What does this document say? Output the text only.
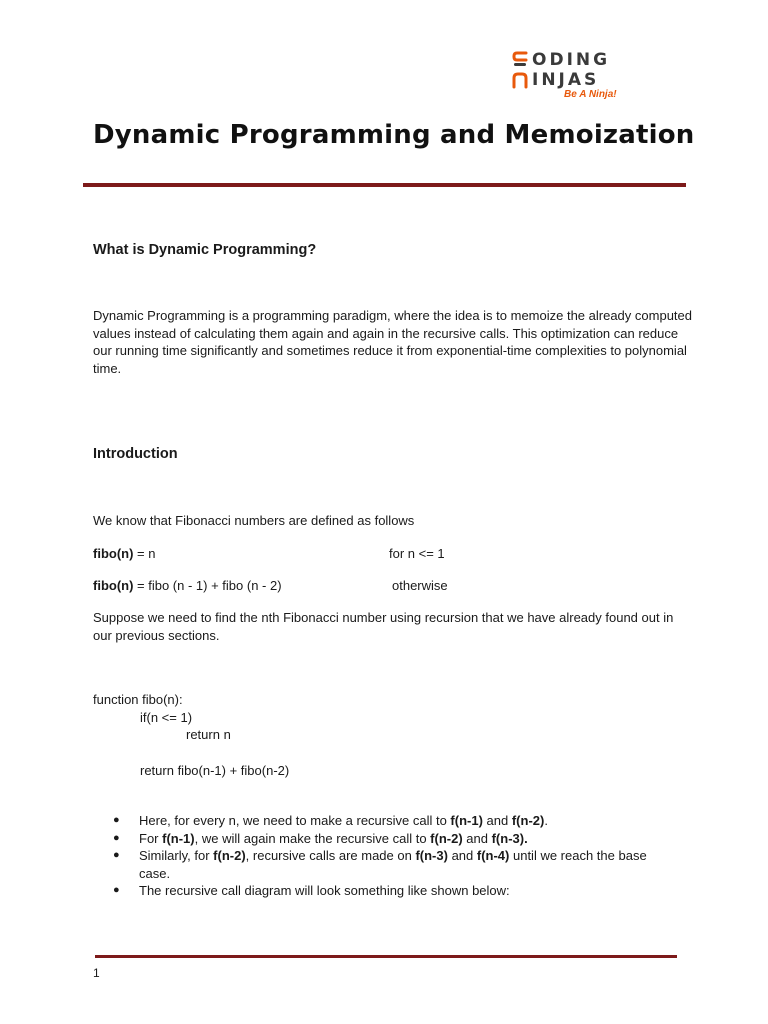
ODING
INJAS
Be A Ninja!
Dynamic Programming and Memoization
What is Dynamic Programming?

Dynamic Programming is a programming paradigm, where the idea is to memoize the already computed values instead of calculating them again and again in the recursive calls. This optimization can reduce our running time significantly and sometimes reduce it from exponential-time complexities to polynomial time.

Introduction

We know that Fibonacci numbers are defined as follows

fibo(n) = n	for n <= 1
fibo(n) = fibo (n - 1) + fibo (n - 2)	otherwise

Suppose we need to find the nth Fibonacci number using recursion that we have already found out in our previous sections.

function fibo(n):
if(n <= 1)
return n
return fibo(n-1) + fibo(n-2)
● Here, for every n, we need to make a recursive call to f(n-1) and f(n-2).
● For f(n-1), we will again make the recursive call to f(n-2) and f(n-3).
● Similarly, for f(n-2), recursive calls are made on f(n-3) and f(n-4) until we reach the base case.
● The recursive call diagram will look something like shown below:
1
